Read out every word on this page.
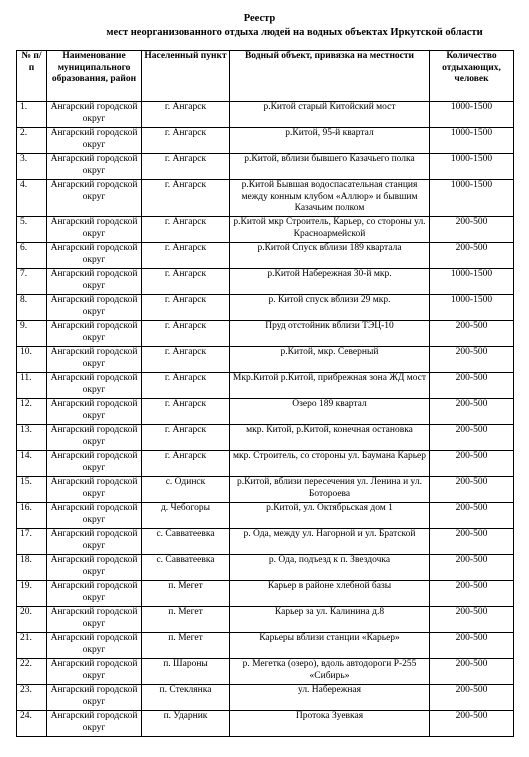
Реестр
мест неорганизованного отдыха людей на водных объектах Иркутской области
№ п/п	Наименование муниципального образования, район	Населенный пункт	Водный объект, привязка на местности	Количество отдыхающих, человек
1.	Ангарский городской округ	г. Ангарск	р.Китой старый Китойский мост	1000-1500
2.	Ангарский городской округ	г. Ангарск	р.Китой, 95-й квартал	1000-1500
3.	Ангарский городской округ	г. Ангарск	р.Китой, вблизи бывшего Казачьего полка	1000-1500
4.	Ангарский городской округ	г. Ангарск	р.Китой Бывшая водоспасательная станция между конным клубом «Аллюр» и бывшим Казачьим полком	1000-1500
5.	Ангарский городской округ	г. Ангарск	р.Китой мкр Строитель, Карьер, со стороны ул. Красноармейской	200-500
6.	Ангарский городской округ	г. Ангарск	р.Китой Спуск вблизи 189 квартала	200-500
7.	Ангарский городской округ	г. Ангарск	р.Китой Набережная 30-й мкр.	1000-1500
8.	Ангарский городской округ	г. Ангарск	р. Китой спуск вблизи 29 мкр.	1000-1500
9.	Ангарский городской округ	г. Ангарск	Пруд отстойник вблизи ТЭЦ-10	200-500
10.	Ангарский городской округ	г. Ангарск	р.Китой, мкр. Северный	200-500
11.	Ангарский городской округ	г. Ангарск	Мкр.Китой р.Китой, прибрежная зона ЖД мост	200-500
12.	Ангарский городской округ	г. Ангарск	Озеро 189 квартал	200-500
13.	Ангарский городской округ	г. Ангарск	мкр. Китой, р.Китой, конечная остановка	200-500
14.	Ангарский городской округ	г. Ангарск	мкр. Строитель, со стороны ул. Баумана Карьер	200-500
15.	Ангарский городской округ	с. Одинск	р.Китой, вблизи пересечения ул. Ленина и ул. Ботороева	200-500
16.	Ангарский городской округ	д. Чебогоры	р.Китой, ул. Октябрьская дом 1	200-500
17.	Ангарский городской округ	с. Савватеевка	р. Ода, между ул. Нагорной и ул. Братской	200-500
18.	Ангарский городской округ	с. Савватеевка	р. Ода, подъезд к п. Звездочка	200-500
19.	Ангарский городской округ	п. Мегет	Карьер в районе хлебной базы	200-500
20.	Ангарский городской округ	п. Мегет	Карьер за ул. Калинина д.8	200-500
21.	Ангарский городской округ	п. Мегет	Карьеры вблизи станции «Карьер»	200-500
22.	Ангарский городской округ	п. Шароны	р. Мегетка (озеро), вдоль автодороги Р-255 «Сибирь»	200-500
23.	Ангарский городской округ	п. Стеклянка	ул. Набережная	200-500
24.	Ангарский городской округ	п. Ударник	Протока Зуевкая	200-500
